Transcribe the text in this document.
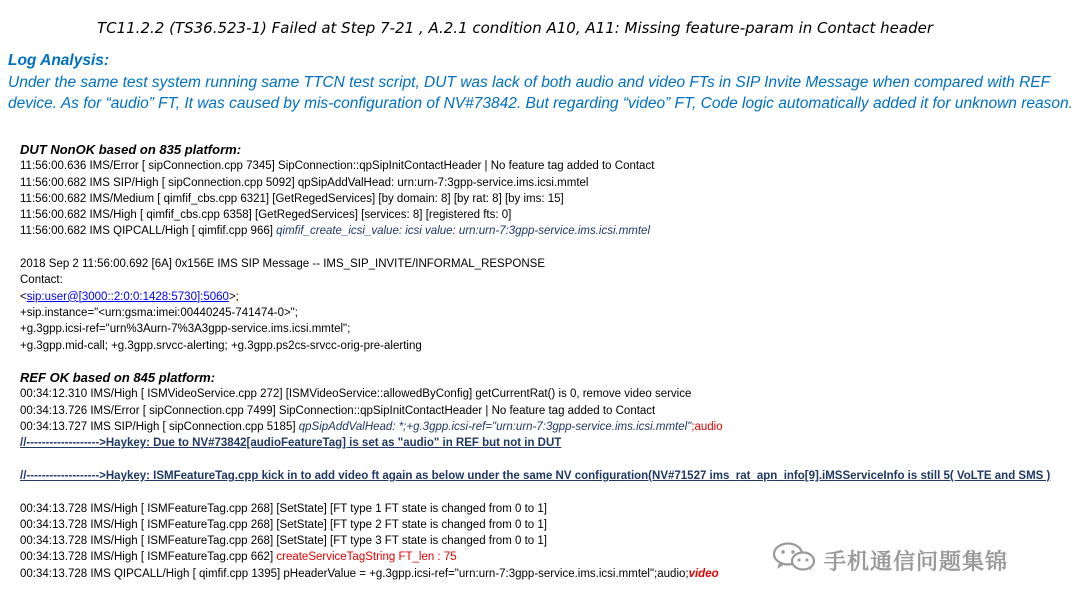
TC11.2.2 (TS36.523-1) Failed at Step 7-21 , A.2.1 condition A10, A11: Missing feature-param in Contact header
Log Analysis:
Under the same test system running same TTCN test script, DUT was lack of both audio and video FTs in SIP Invite Message when compared with REF device. As for “audio” FT, It was caused by mis-configuration of NV#73842. But regarding “video” FT, Code logic automatically added it for unknown reason.
DUT NonOK based on 835 platform:
11:56:00.636 IMS/Error [ sipConnection.cpp 7345] SipConnection::qpSipInitContactHeader | No feature tag added to Contact
11:56:00.682 IMS SIP/High [ sipConnection.cpp 5092] qpSipAddValHead: urn:urn-7:3gpp-service.ims.icsi.mmtel
11:56:00.682 IMS/Medium [ qimfif_cbs.cpp 6321] [GetRegedServices] [by domain: 8] [by rat: 8] [by ims: 15]
11:56:00.682 IMS/High [ qimfif_cbs.cpp 6358] [GetRegedServices] [services: 8] [registered fts: 0]
11:56:00.682 IMS QIPCALL/High [ qimfif.cpp 966] qimfif_create_icsi_value: icsi value: urn:urn-7:3gpp-service.ims.icsi.mmtel
2018 Sep 2 11:56:00.692 [6A] 0x156E IMS SIP Message -- IMS_SIP_INVITE/INFORMAL_RESPONSE
Contact:
<sip:user@[3000::2:0:0:1428:5730]:5060>;
+sip.instance="<urn:gsma:imei:00440245-741474-0>";
+g.3gpp.icsi-ref="urn%3Aurn-7%3A3gpp-service.ims.icsi.mmtel";
+g.3gpp.mid-call; +g.3gpp.srvcc-alerting; +g.3gpp.ps2cs-srvcc-orig-pre-alerting
REF OK based on 845 platform:
00:34:12.310 IMS/High [ ISMVideoService.cpp 272] [ISMVideoService::allowedByConfig] getCurrentRat() is 0, remove video service
00:34:13.726 IMS/Error [ sipConnection.cpp 7499] SipConnection::qpSipInitContactHeader | No feature tag added to Contact
00:34:13.727 IMS SIP/High [ sipConnection.cpp 5185] qpSipAddValHead: *;+g.3gpp.icsi-ref="urn:urn-7:3gpp-service.ims.icsi.mmtel";audio
//------------------->Haykey: Due to NV#73842[audioFeatureTag] is set as "audio" in REF but not in DUT
//------------------->Haykey: ISMFeatureTag.cpp kick in to add video ft again as below under the same NV configuration(NV#71527 ims_rat_apn_info[9].iMSServiceInfo is still 5( VoLTE and SMS )
00:34:13.728 IMS/High [ ISMFeatureTag.cpp 268] [SetState] [FT type 1 FT state is changed from 0 to 1]
00:34:13.728 IMS/High [ ISMFeatureTag.cpp 268] [SetState] [FT type 2 FT state is changed from 0 to 1]
00:34:13.728 IMS/High [ ISMFeatureTag.cpp 268] [SetState] [FT type 3 FT state is changed from 0 to 1]
00:34:13.728 IMS/High [ ISMFeatureTag.cpp 662] createServiceTagString FT_len : 75
00:34:13.728 IMS QIPCALL/High [ qimfif.cpp 1395] pHeaderValue = +g.3gpp.icsi-ref="urn:urn-7:3gpp-service.ims.icsi.mmtel";audio;video
手机通信问题集锦
